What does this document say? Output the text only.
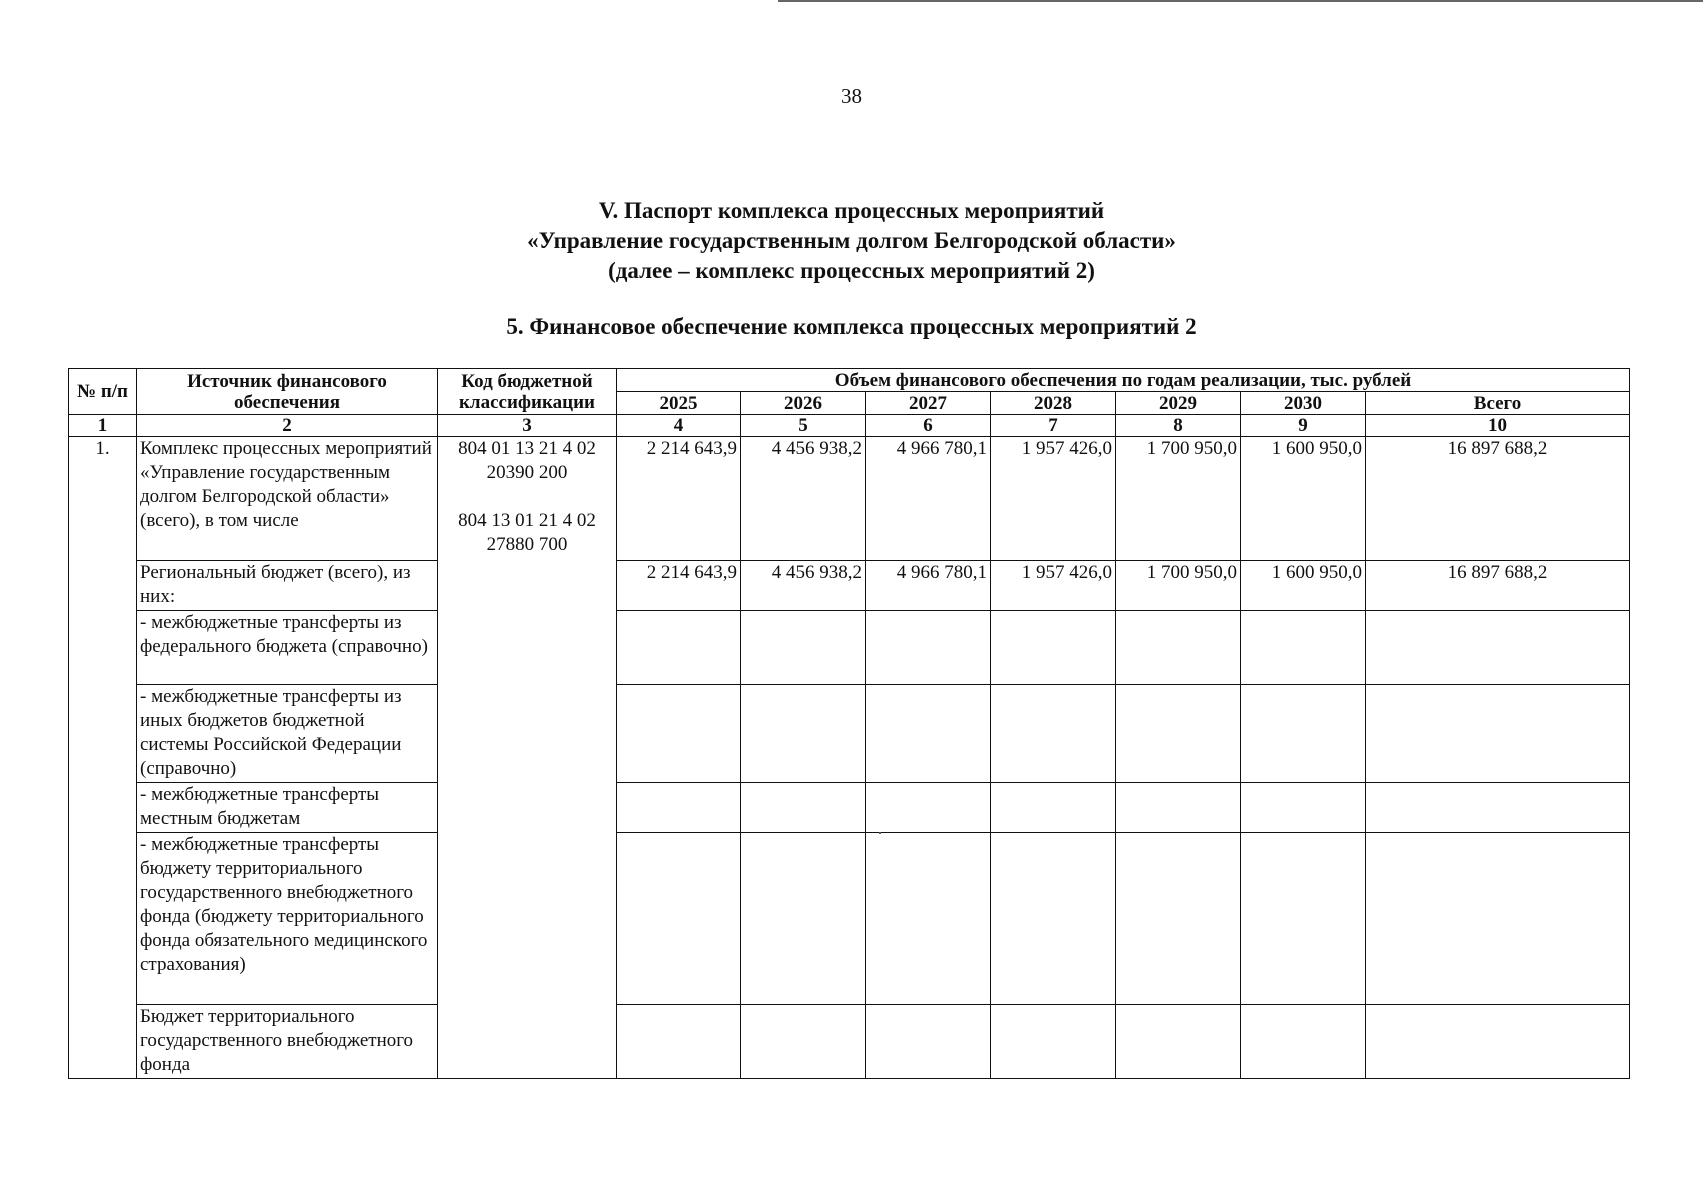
38
V. Паспорт комплекса процессных мероприятий
«Управление государственным долгом Белгородской области»
(далее – комплекс процессных мероприятий 2)
5. Финансовое обеспечение комплекса процессных мероприятий 2
№ п/п	Источник финансового обеспечения	Код бюджетной классификации	Объем финансового обеспечения по годам реализации, тыс. рублей						
			2025	2026	2027	2028	2029	2030	Всего
1	2	3	4	5	6	7	8	9	10
1.	Комплекс процессных мероприятий «Управление государственным долгом Белгородской области» (всего), в том числе	804 01 13 21 4 02
20390 200
804 13 01 21 4 02
27880 700	2 214 643,9	4 456 938,2	4 966 780,1	1 957 426,0	1 700 950,0	1 600 950,0	16 897 688,2
	Региональный бюджет (всего), из них:		2 214 643,9	4 456 938,2	4 966 780,1	1 957 426,0	1 700 950,0	1 600 950,0	16 897 688,2
	- межбюджетные трансферты из федерального бюджета (справочно)								
	- межбюджетные трансферты из иных бюджетов бюджетной системы Российской Федерации (справочно)								
	- межбюджетные трансферты местным бюджетам								
	- межбюджетные трансферты бюджету территориального государственного внебюджетного фонда (бюджету территориального фонда обязательного медицинского страхования)								
	Бюджет территориального государственного внебюджетного фонда								
